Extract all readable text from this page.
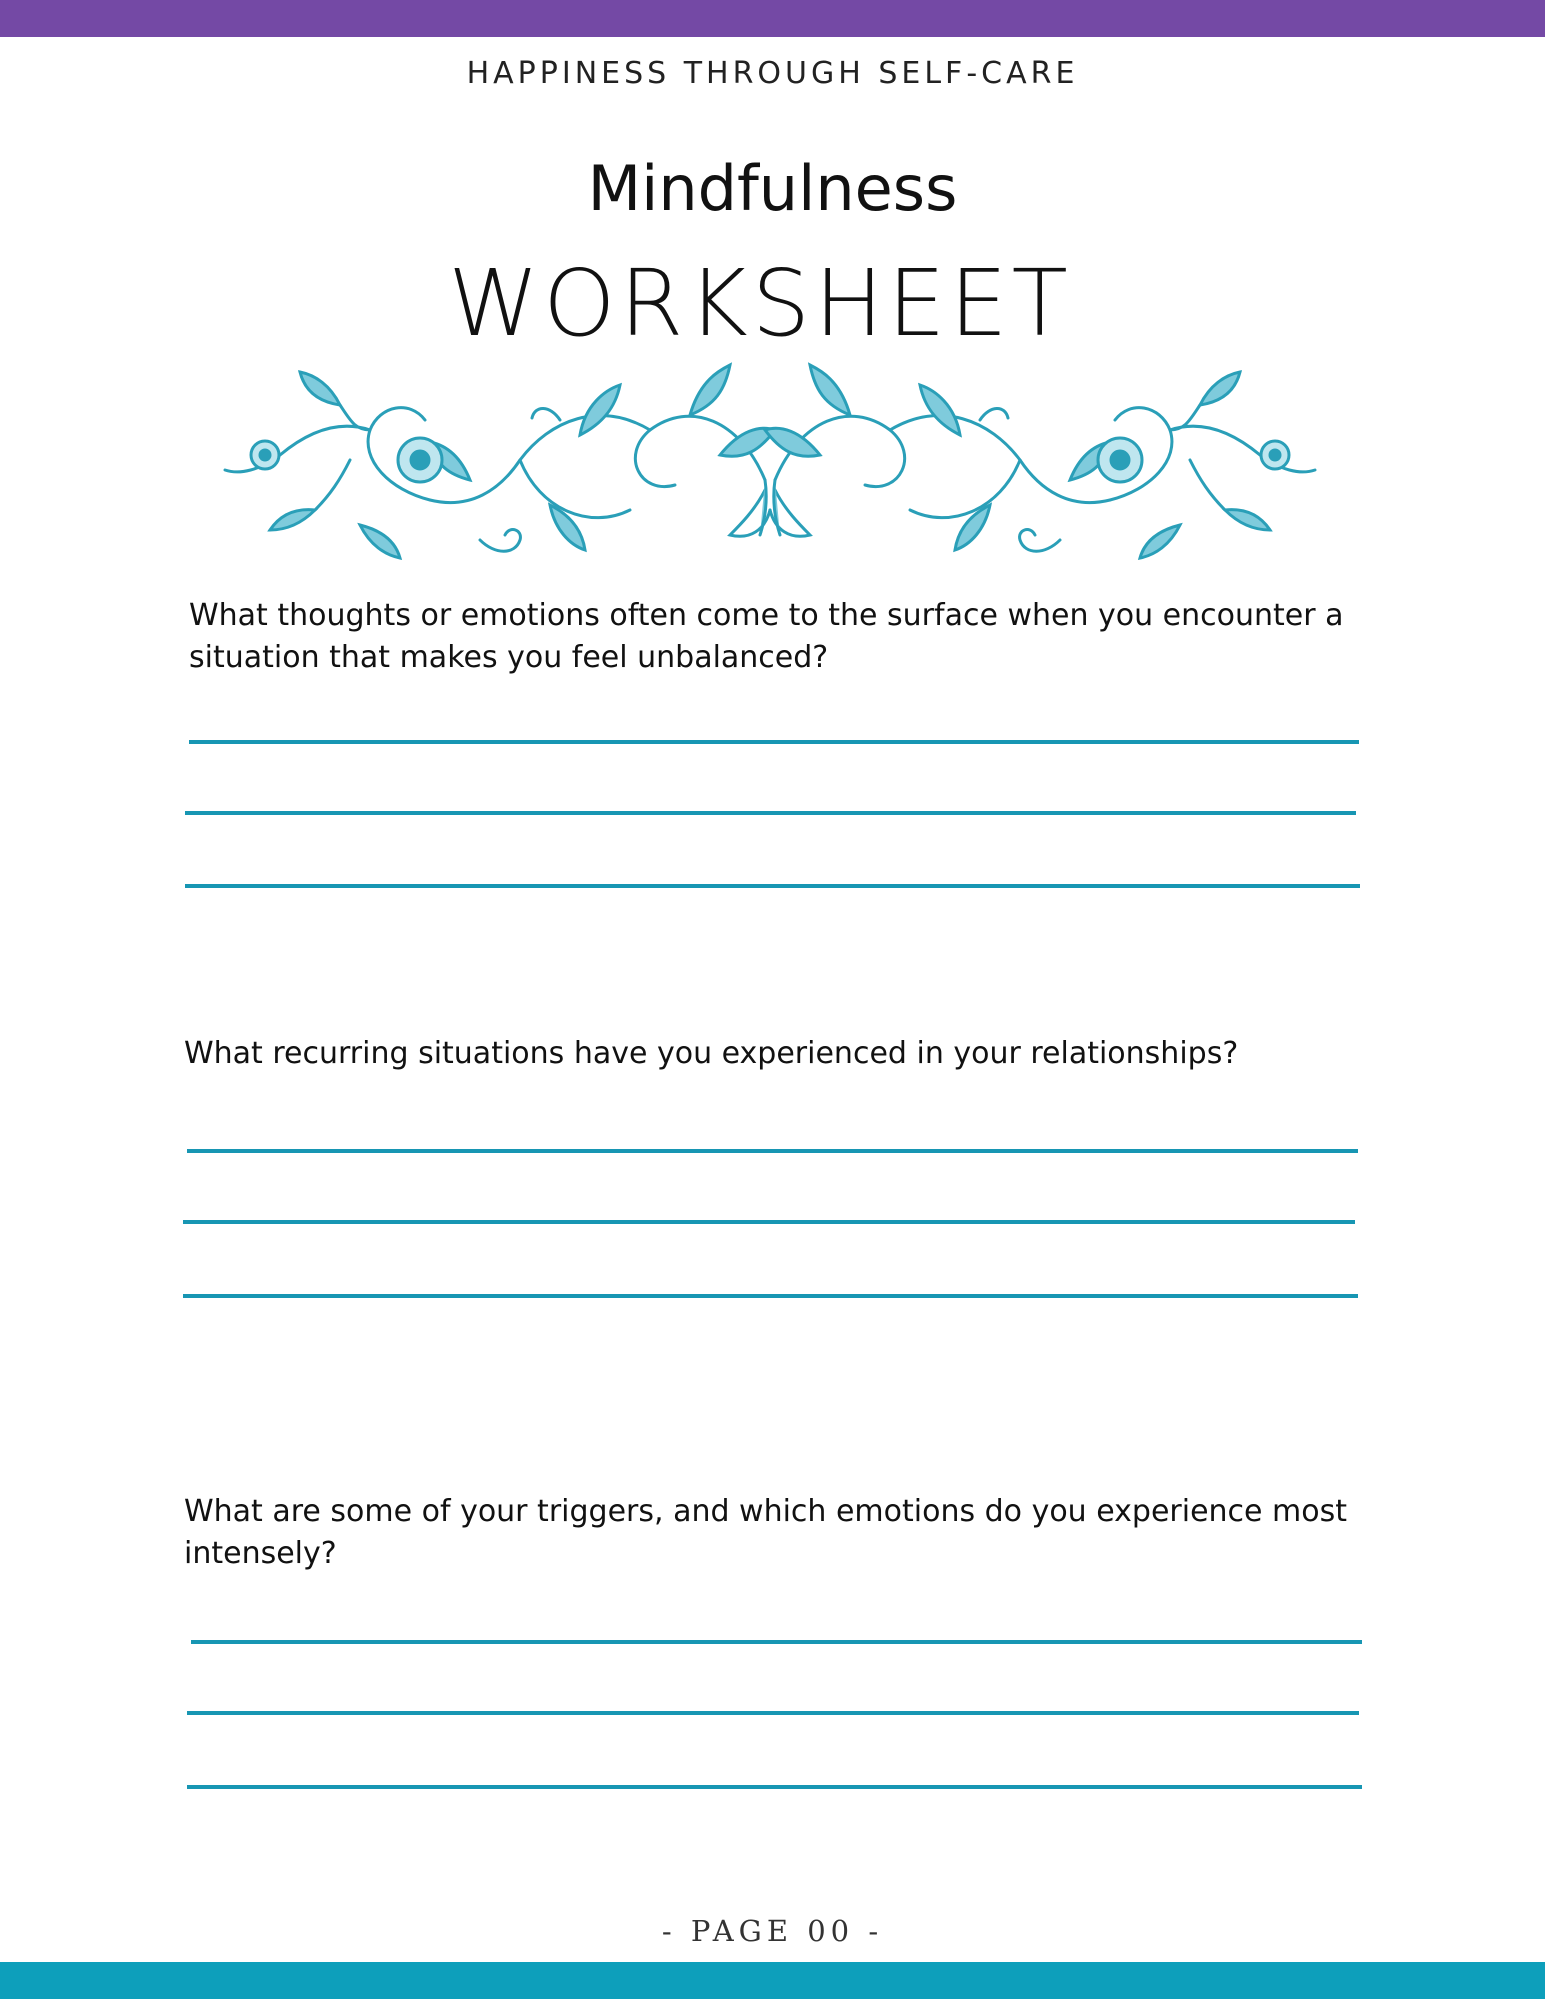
HAPPINESS THROUGH SELF-CARE
Mindfulness
WORKSHEET
What thoughts or emotions often come to the surface when you encounter a situation that makes you feel unbalanced?
What recurring situations have you experienced in your relationships?
What are some of your triggers, and which emotions do you experience most intensely?
- PAGE 00 -
